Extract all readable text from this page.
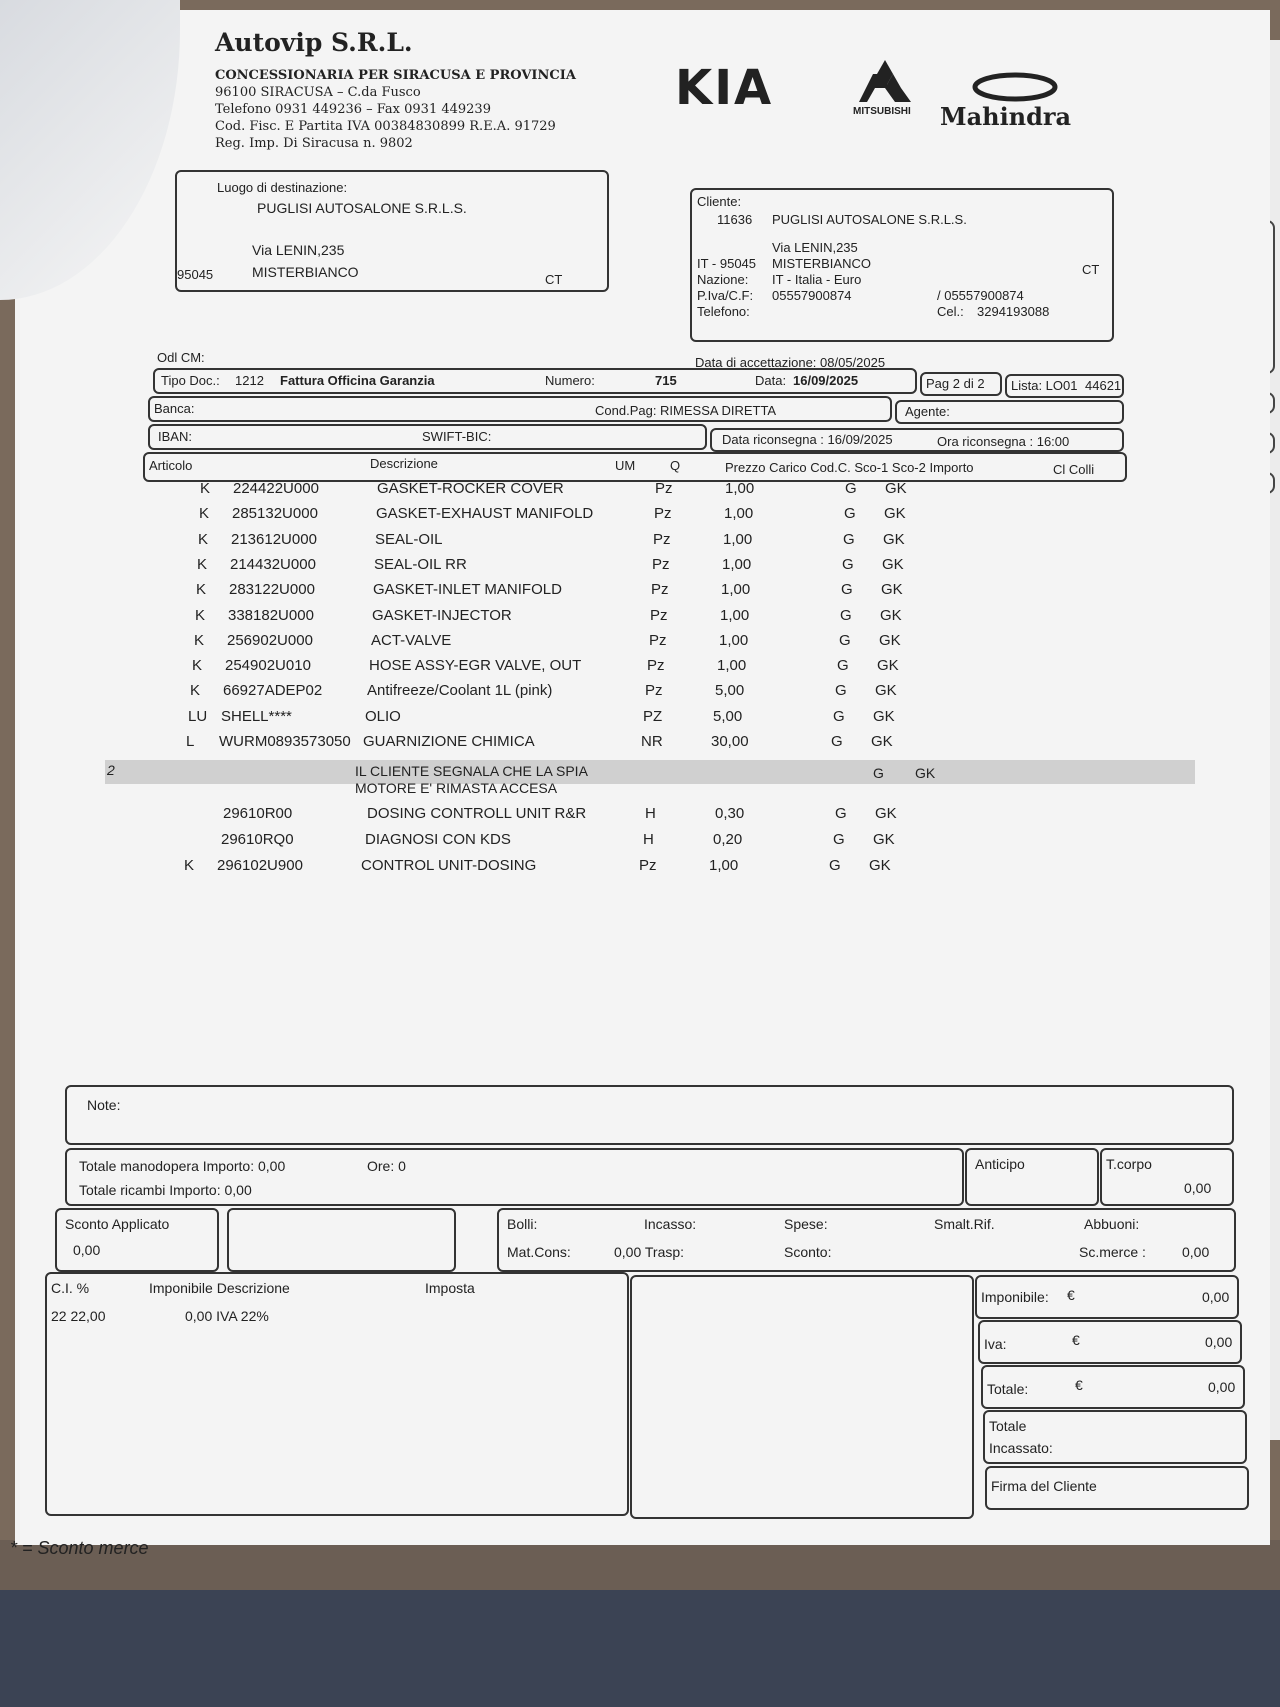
Autovip S.R.L.
CONCESSIONARIA PER SIRACUSA E PROVINCIA
96100 SIRACUSA – C.da Fusco
Telefono 0931 449236 – Fax 0931 449239
Cod. Fisc. E Partita IVA 00384830899 R.E.A. 91729
Reg. Imp. Di Siracusa n. 9802
KIA	MITSUBISHI Mahindra
Luogo di destinazione:
PUGLISI AUTOSALONE S.R.L.S.
Via LENIN,235
95045	MISTERBIANCO	CT
Cliente:
11636 PUGLISI AUTOSALONE S.R.L.S.
Via LENIN,235
IT - 95045 MISTERBIANCO	CT
Nazione: IT - Italia - Euro
P.Iva/C.F: 05557900874	/ 05557900874
Telefono:	Cel.: 3294193088
Odl CM:	Data di accettazione: 08/05/2025
Tipo Doc.: 1212 Fattura Officina Garanzia	Numero:	715	Data: 16/09/2025	Pag 2 di 2 Lista: LO01 44621
Banca:	Cond.Pag: RIMESSA DIRETTA	Agente:
IBAN:	SWIFT-BIC:	Data riconsegna : 16/09/2025	Ora riconsegna : 16:00
Articolo	Descrizione	UM	Q	Prezzo Carico Cod.C. Sco-1 Sco-2 Importo	Cl Colli
K 224422U000	GASKET-ROCKER COVER	Pz	1,00	G GK
K 285132U000	GASKET-EXHAUST MANIFOLD	Pz	1,00	G GK
K 213612U000	SEAL-OIL	Pz	1,00	G GK
K 214432U000	SEAL-OIL RR	Pz	1,00	G GK
K 283122U000	GASKET-INLET MANIFOLD	Pz	1,00	G GK
K 338182U000	GASKET-INJECTOR	Pz	1,00	G GK
K 256902U000	ACT-VALVE	Pz	1,00	G GK
K 254902U010	HOSE ASSY-EGR VALVE, OUT	Pz	1,00	G GK
K 66927ADEP02	Antifreeze/Coolant 1L (pink)	Pz	5,00	G GK
LU SHELL****	OLIO	PZ	5,00	G GK
L WURM0893573050 GUARNIZIONE CHIMICA	NR	30,00	G GK
2	IL CLIENTE SEGNALA CHE LA SPIA	G GK
MOTORE E' RIMASTA ACCESA
29610R00	DOSING CONTROLL UNIT R&R	H	0,30	G GK
29610RQ0	DIAGNOSI CON KDS	H	0,20	G GK
K 296102U900	CONTROL UNIT-DOSING	Pz	1,00	G GK
Note:
Totale manodopera Importo: 0,00	Ore: 0
Totale ricambi Importo: 0,00
Anticipo	T.corpo
0,00
Sconto Applicato
0,00
Bolli:	Incasso:	Spese:	Smalt.Rif.	Abbuoni:
Mat.Cons:	0,00 Trasp:	Sconto:	Sc.merce :	0,00
C.I. %	Imponibile Descrizione	Imposta
22 22,00	0,00 IVA 22%
Imponibile: €	0,00
Iva:	€	0,00
Totale:	€	0,00
Totale
Incassato:
Firma del Cliente
* = Sconto merce
